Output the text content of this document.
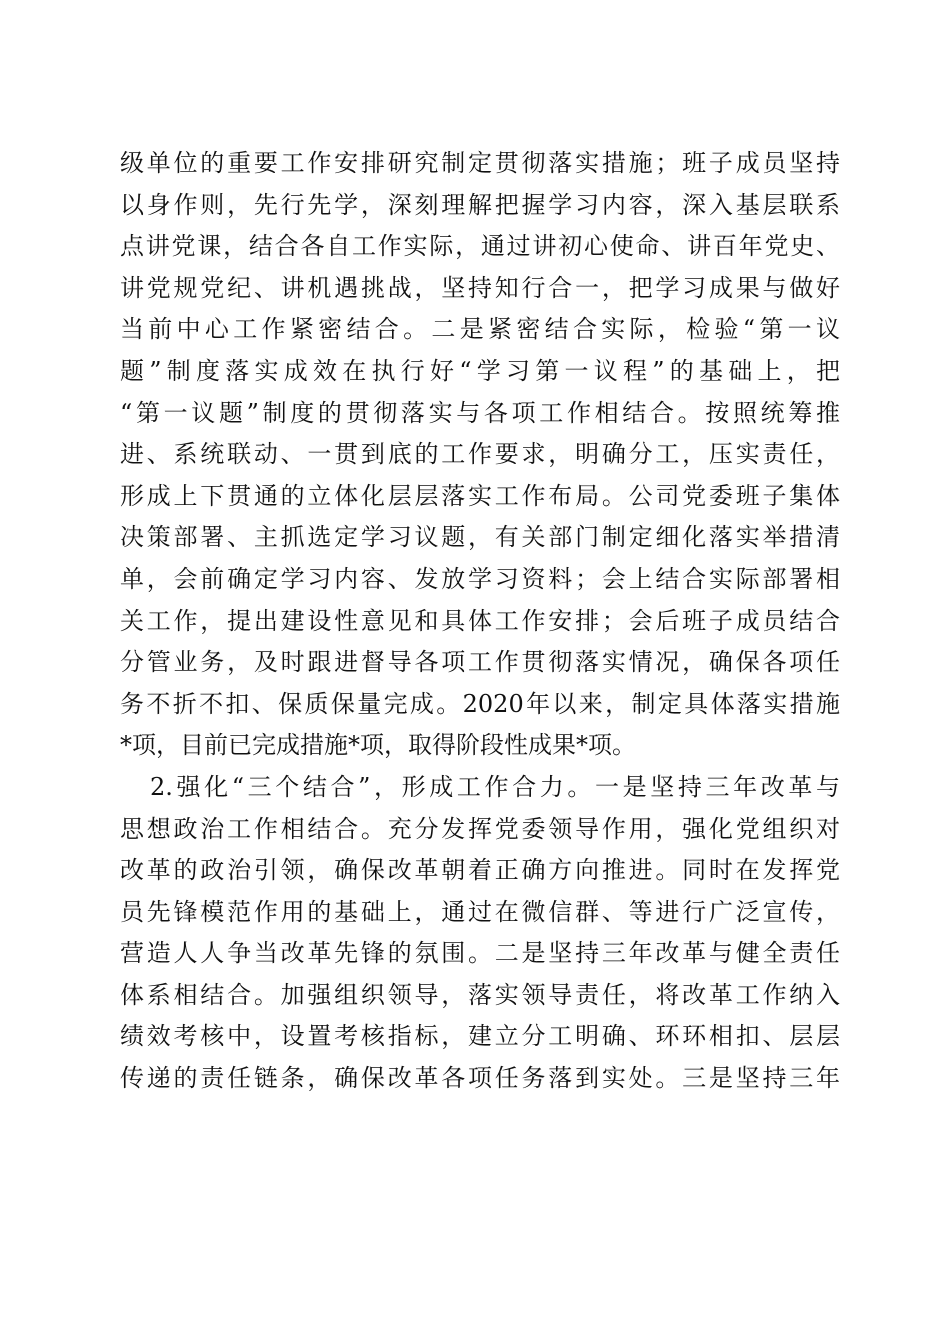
级单位的重要工作安排研究制定贯彻落实措施；班子成员坚持
以身作则，先行先学，深刻理解把握学习内容，深入基层联系
点讲党课，结合各自工作实际，通过讲初心使命、讲百年党史、
讲党规党纪、讲机遇挑战，坚持知行合一，把学习成果与做好
当前中心工作紧密结合。二是紧密结合实际，检验“第一议
题”制度落实成效在执行好“学习第一议程”的基础上，把
“第一议题”制度的贯彻落实与各项工作相结合。按照统筹推
进、系统联动、一贯到底的工作要求，明确分工，压实责任，
形成上下贯通的立体化层层落实工作布局。公司党委班子集体
决策部署、主抓选定学习议题，有关部门制定细化落实举措清
单，会前确定学习内容、发放学习资料；会上结合实际部署相
关工作，提出建设性意见和具体工作安排；会后班子成员结合
分管业务，及时跟进督导各项工作贯彻落实情况，确保各项任
务不折不扣、保质保量完成。2020年以来，制定具体落实措施
*项，目前已完成措施*项，取得阶段性成果*项。
2.强化“三个结合”，形成工作合力。一是坚持三年改革与
思想政治工作相结合。充分发挥党委领导作用，强化党组织对
改革的政治引领，确保改革朝着正确方向推进。同时在发挥党
员先锋模范作用的基础上，通过在微信群、等进行广泛宣传，
营造人人争当改革先锋的氛围。二是坚持三年改革与健全责任
体系相结合。加强组织领导，落实领导责任，将改革工作纳入
绩效考核中，设置考核指标，建立分工明确、环环相扣、层层
传递的责任链条，确保改革各项任务落到实处。三是坚持三年
